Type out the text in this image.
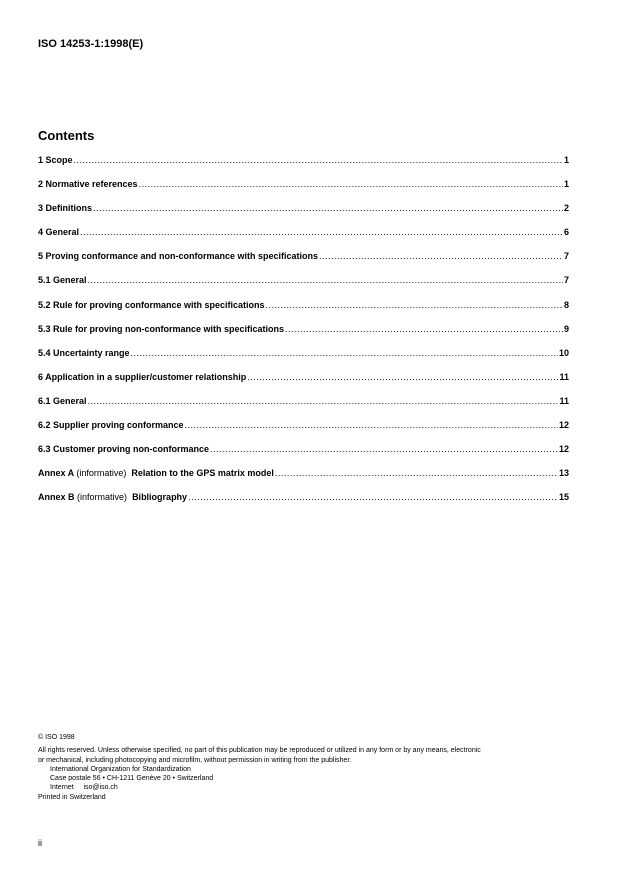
ISO 14253-1:1998(E)
Contents
1 Scope .....	1
2 Normative references .....	1
3 Definitions .....	2
4 General .....	6
5 Proving conformance and non-conformance with specifications .....	7
5.1 General .....	7
5.2 Rule for proving conformance with specifications .....	8
5.3 Rule for proving non-conformance with specifications .....	9
5.4 Uncertainty range .....	10
6 Application in a supplier/customer relationship .....	11
6.1 General .....	11
6.2 Supplier proving conformance .....	12
6.3 Customer proving non-conformance .....	12
Annex A (informative) Relation to the GPS matrix model .....	13
Annex B (informative) Bibliography .....	15

© ISO 1998

All rights reserved. Unless otherwise specified, no part of this publication may be reproduced or utilized in any form or by any means, electronic

or mechanical, including photocopying and microfilm, without permission in writing from the publisher.

International Organization for Standardization

Case postale 56 • CH-1211 Genève 20 • Switzerland

Internet iso@iso.ch

Printed in Switzerland

ii
